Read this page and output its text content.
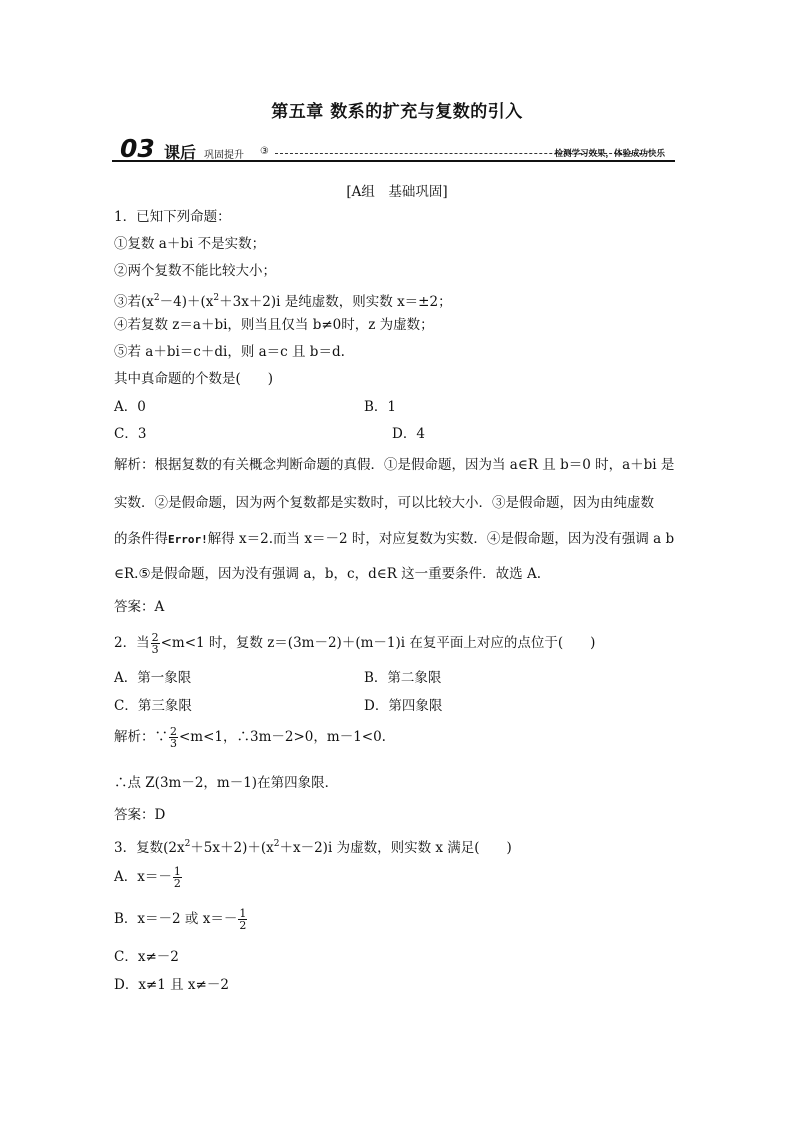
第五章 数系的扩充与复数的引入
03 课后 巩固提升 ③	检测学习效果，体验成功快乐
[A组　基础巩固]
1．已知下列命题：
①复数 a＋bi 不是实数；
②两个复数不能比较大小；
③若$(x^2-4)+(x^2+3x+2)i$ 是纯虚数，则实数 x＝±2；
④若复数 z＝a＋bi，则当且仅当 b≠0时，z 为虚数；
⑤若 a＋bi＝c＋di，则 a＝c 且 b＝d.
其中真命题的个数是(　　)
A．0	B．1
C．3	D．4
解析：根据复数的有关概念判断命题的真假．①是假命题，因为当 a∈R 且 b＝0 时，a＋bi 是
实数．②是假命题，因为两个复数都是实数时，可以比较大小．③是假命题，因为由纯虚数
的条件得Error!解得 x＝2.而当 x＝－2 时，对应复数为实数．④是假命题，因为没有强调 a b
∈R.⑤是假命题，因为没有强调 a，b，c，d∈R 这一重要条件．故选 A.
答案：A
2．当 $\frac{2}{3} <m<1$ 时，复数 z＝(3m－2)＋(m－1)i 在复平面上对应的点位于(　　)
A．第一象限	B．第二象限
C．第三象限	D．第四象限
解析：∵ $\frac{2}{3} <m<1$，∴3m－2>0，m－1<0.
∴点 Z(3m－2，m－1)在第四象限．
答案：D
3．复数$(2x^2+5x+2)+(x^2+x-2)i$ 为虚数，则实数 x 满足(　　)
A．$x=- \frac{1}{2}$
B．x＝－2 或 $x=- \frac{1}{2}$
C．x≠－2
D．x≠1 且 x≠－2
